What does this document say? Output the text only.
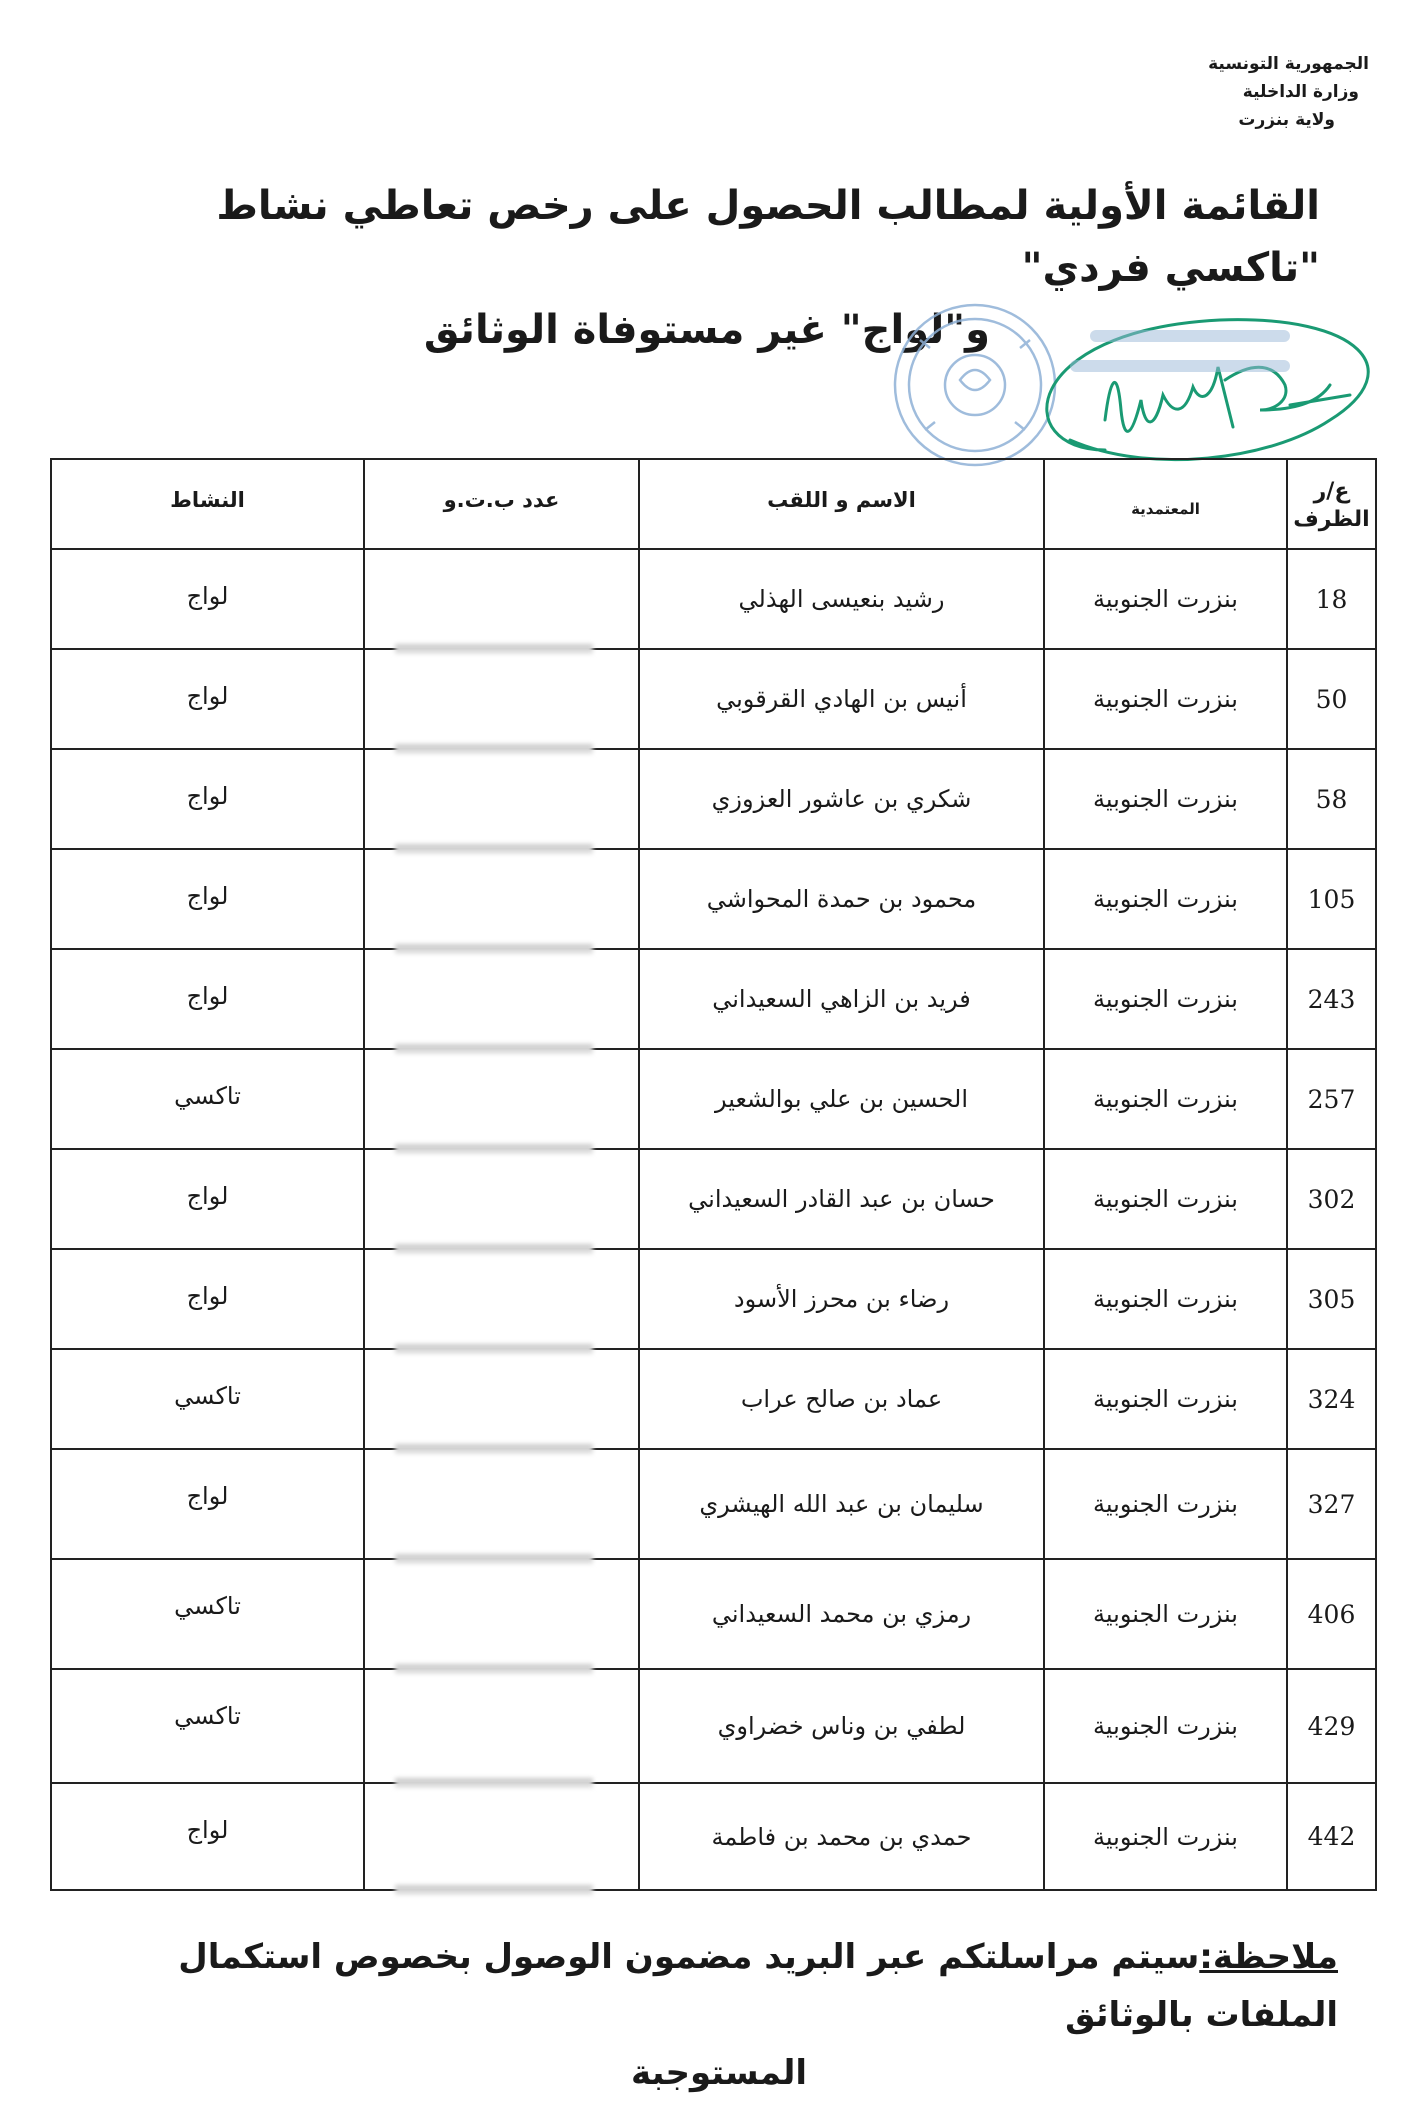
الجمهورية التونسية
وزارة الداخلية
ولاية بنزرت
القائمة الأولية لمطالب الحصول على رخص تعاطي نشاط "تاكسي فردي"
و"لواج" غير مستوفاة الوثائق
ع/ر الظرف	المعتمدية	الاسم و اللقب	عدد ب.ت.و	النشاط
18	بنزرت الجنوبية	رشيد بنعيسى الهذلي		لواج
50	بنزرت الجنوبية	أنيس بن الهادي القرقوبي		لواج
58	بنزرت الجنوبية	شكري بن عاشور العزوزي		لواج
105	بنزرت الجنوبية	محمود بن حمدة المحواشي		لواج
243	بنزرت الجنوبية	فريد بن الزاهي السعيداني		لواج
257	بنزرت الجنوبية	الحسين بن علي بوالشعير		تاكسي
302	بنزرت الجنوبية	حسان بن عبد القادر السعيداني		لواج
305	بنزرت الجنوبية	رضاء بن محرز الأسود		لواج
324	بنزرت الجنوبية	عماد بن صالح عراب		تاكسي
327	بنزرت الجنوبية	سليمان بن عبد الله الهيشري		لواج
406	بنزرت الجنوبية	رمزي بن محمد السعيداني		تاكسي
429	بنزرت الجنوبية	لطفي بن وناس خضراوي		تاكسي
442	بنزرت الجنوبية	حمدي بن محمد بن فاطمة		لواج
ملاحظة:سيتم مراسلتكم عبر البريد مضمون الوصول بخصوص استكمال الملفات بالوثائق
المستوجبة
